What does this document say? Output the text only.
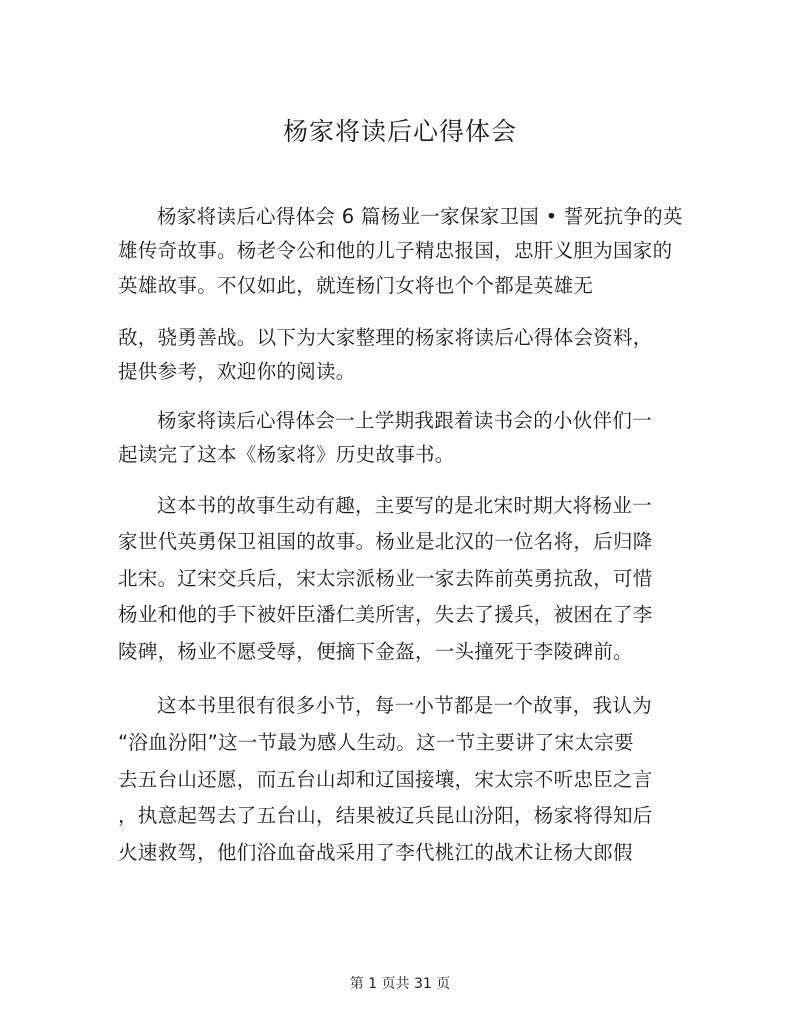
杨家将读后心得体会
杨家将读后心得体会 6 篇杨业一家保家卫国 • 誓死抗争的英
雄传奇故事。杨老令公和他的儿子精忠报国，忠肝义胆为国家的
英雄故事。不仅如此，就连杨门女将也个个都是英雄无
敌，骁勇善战。以下为大家整理的杨家将读后心得体会资料，
提供参考，欢迎你的阅读。
杨家将读后心得体会一上学期我跟着读书会的小伙伴们一
起读完了这本《杨家将》历史故事书。
这本书的故事生动有趣，主要写的是北宋时期大将杨业一
家世代英勇保卫祖国的故事。杨业是北汉的一位名将，后归降
北宋。辽宋交兵后，宋太宗派杨业一家去阵前英勇抗敌，可惜
杨业和他的手下被奸臣潘仁美所害，失去了援兵，被困在了李
陵碑，杨业不愿受辱，便摘下金盔，一头撞死于李陵碑前。
这本书里很有很多小节，每一小节都是一个故事，我认为
“浴血汾阳”这一节最为感人生动。这一节主要讲了宋太宗要
去五台山还愿，而五台山却和辽国接壤，宋太宗不听忠臣之言
，执意起驾去了五台山，结果被辽兵昆山汾阳，杨家将得知后
火速救驾，他们浴血奋战采用了李代桃江的战术让杨大郎假
第 1 页共 31 页
